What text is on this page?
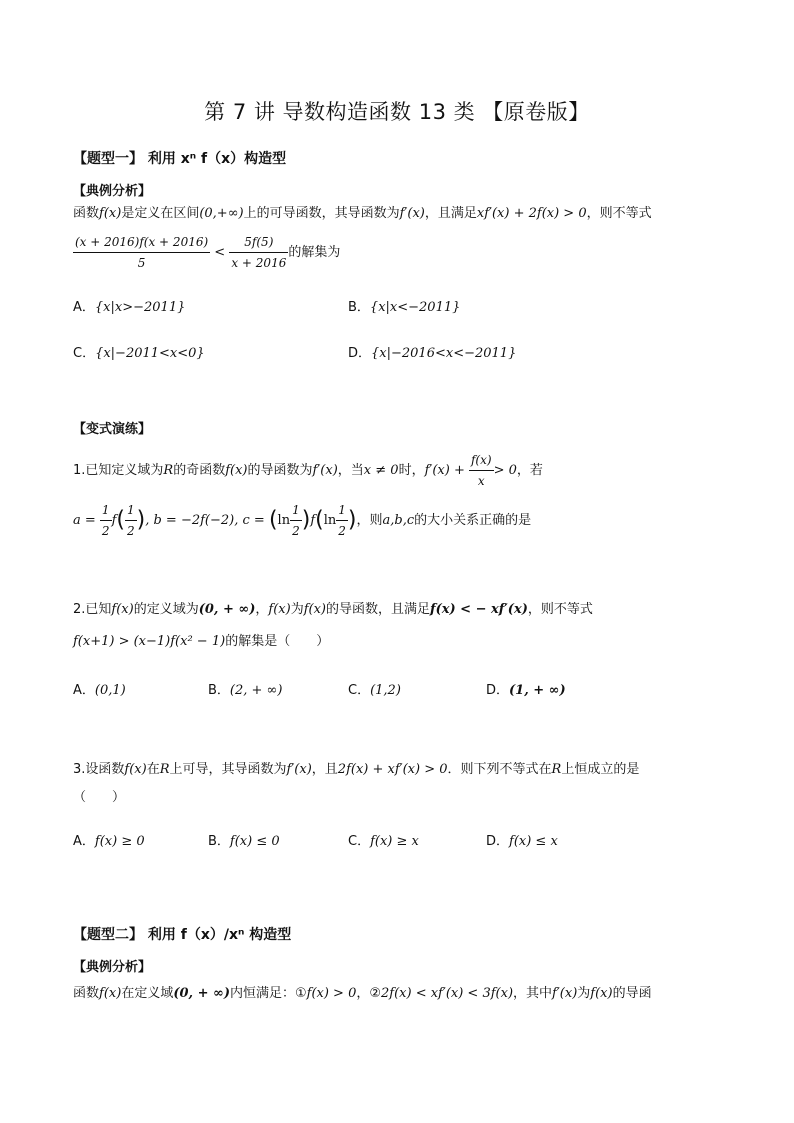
第 7 讲 导数构造函数 13 类 【原卷版】
【题型一】 利用 xⁿ f（x）构造型
【典例分析】
函数f(x)是定义在区间(0,+∞)上的可导函数，其导函数为f′(x)，且满足xf′(x) + 2f(x) > 0，则不等式
$\frac{(x + 2016)f(x + 2016)}{5} < \frac{5f(5)}{x + 2016}$ 的解集为
A．{x|x>−2011}	B．{x|x<−2011}
C．{x|−2011<x<0}	D．{x|−2016<x<−2011}
【变式演练】
1.已知定义域为R的奇函数f(x)的导函数为f′(x)，当x ≠ 0时，$f'(x) + \frac{f(x)}{x} > 0$，若
$a = \frac{1}{2} f( \frac{1}{2}$ ), b = −2f(−2), $c = (\ln \frac{1}{2} )f(\ln \frac{1}{2}$ )，则a,b,c的大小关系正确的是
2.已知f(x)的定义域为(0, + ∞)，f(x)为f(x)的导函数，且满足f(x) < − xf′(x)，则不等式
f(x+1) > (x−1)f(x² − 1)的解集是（　　）
A．(0,1)	B．(2, + ∞)	C．(1,2)	D．(1, + ∞)
3.设函数f(x)在R上可导，其导函数为f′(x)，且2f(x) + xf′(x) > 0．则下列不等式在R上恒成立的是
（　　）
A．f(x) ≥ 0	B．f(x) ≤ 0	C．f(x) ≥ x	D．f(x) ≤ x
【题型二】 利用 f（x）/xⁿ 构造型
【典例分析】
函数f(x)在定义域(0, + ∞)内恒满足：①f(x) > 0，②2f(x) < xf′(x) < 3f(x)，其中f′(x)为f(x)的导函
